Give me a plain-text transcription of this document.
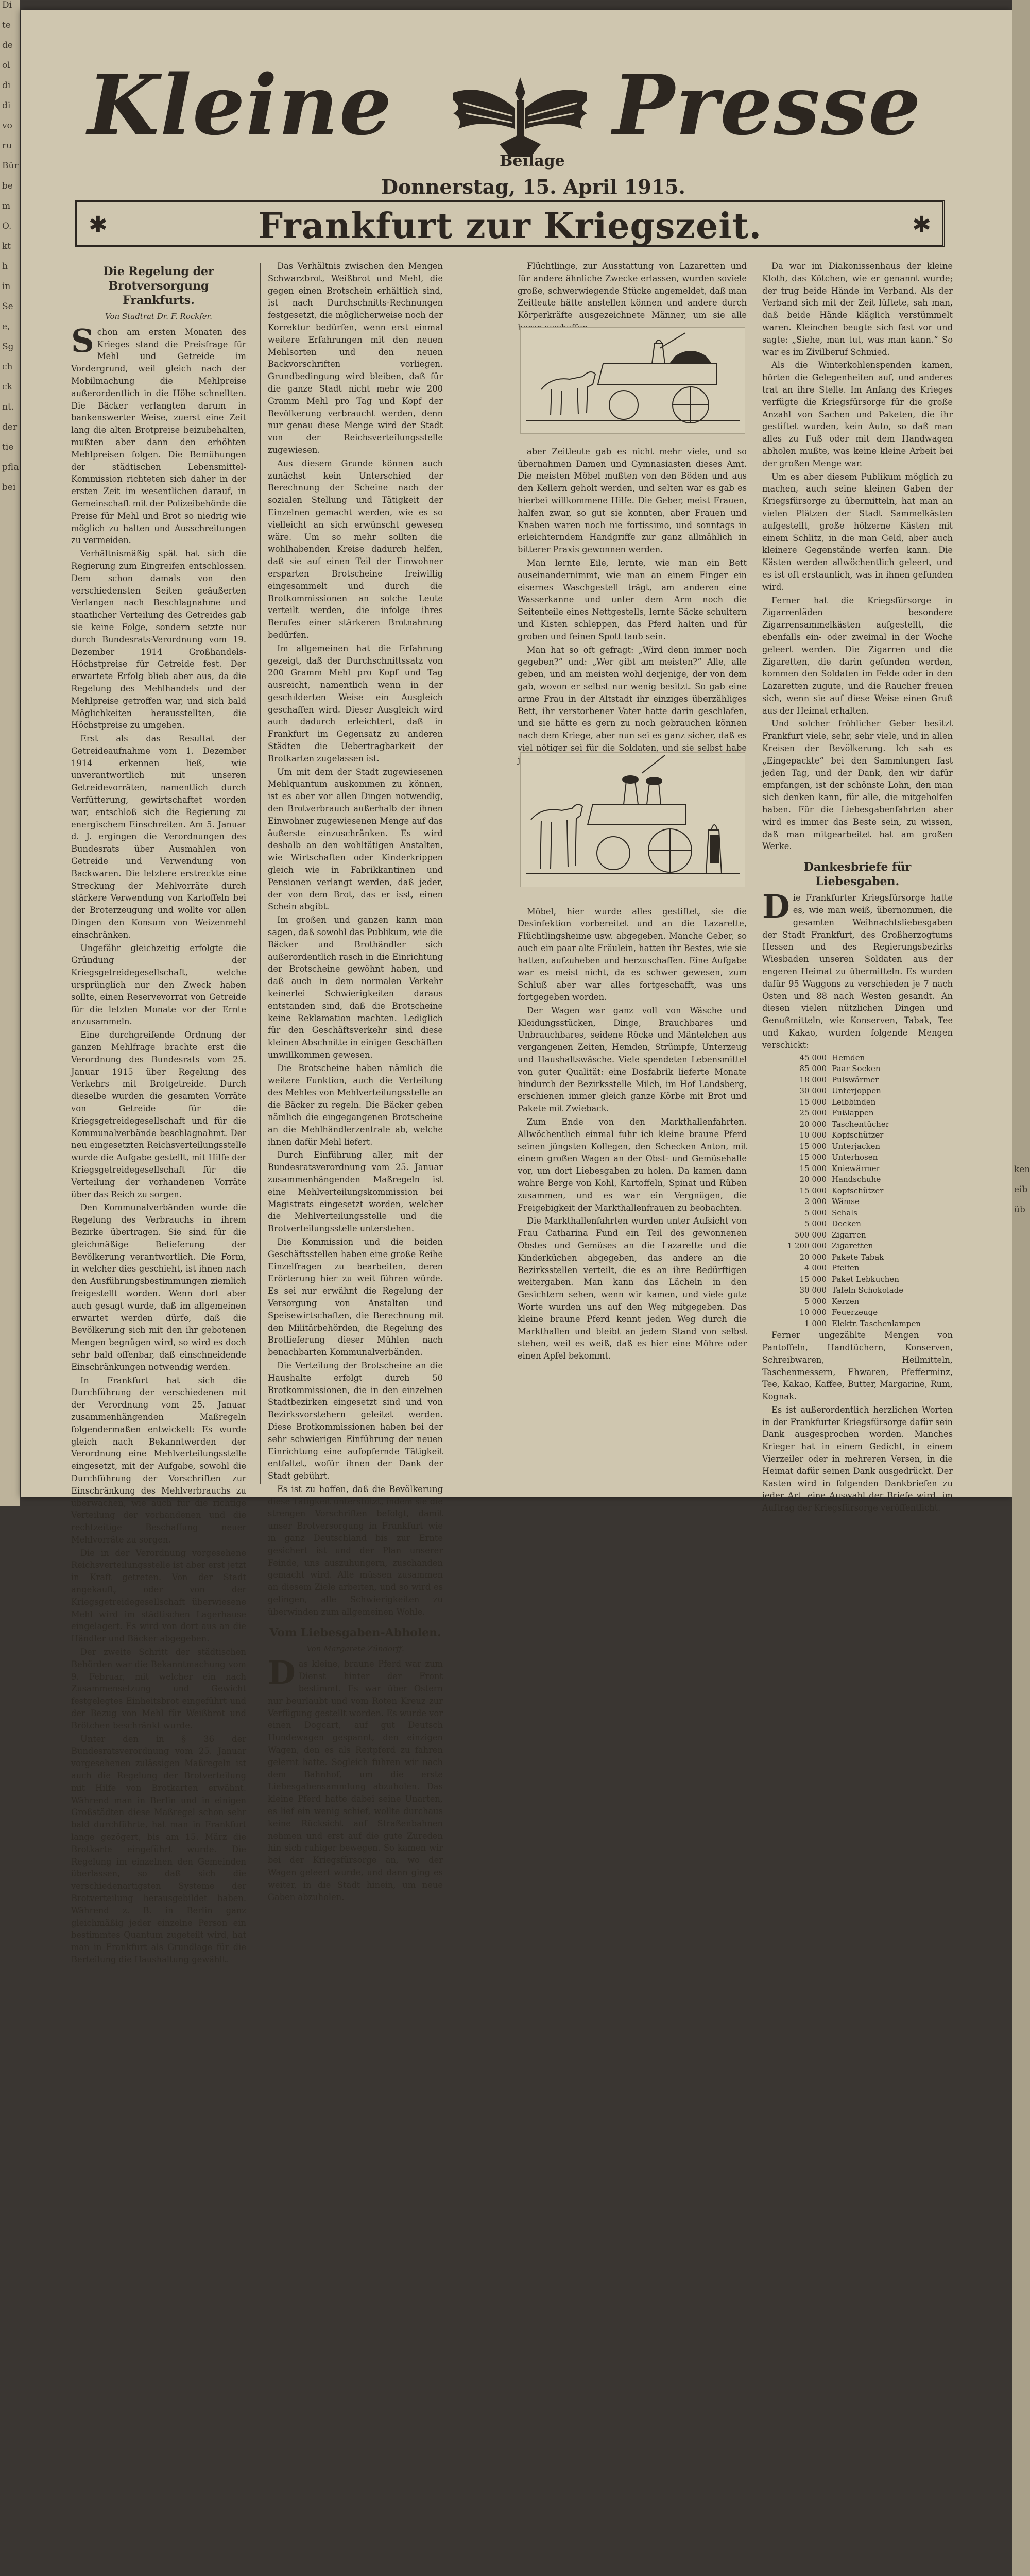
Di
te
de
ol
di
di
vo
ru
Bür
be
m
O.
kt
h
in
Se
e,
Sg
ch
ck
nt.
der
tie
pfla
bei
Kleine
Beilage
Presse
Donnerstag, 15. April 1915.
✱	Frankfurt zur Kriegszeit.	✱
Die Regelung der Brotversorgung Frankfurts.
Von Stadtrat Dr. F. Rockfer.

Schon am ersten Monaten des Krieges stand die Preisfrage für Mehl und Getreide im Vordergrund, weil gleich nach der Mobilmachung die Mehlpreise außerordentlich in die Höhe schnellten. Die Bäcker verlangten darum in bankenswerter Weise, zuerst eine Zeit lang die alten Brotpreise beizubehalten, mußten aber dann den erhöhten Mehlpreisen folgen. Die Bemühungen der städtischen Lebensmittel-Kommission richteten sich daher in der ersten Zeit im wesentlichen darauf, in Gemeinschaft mit der Polizeibehörde die Preise für Mehl und Brot so niedrig wie möglich zu halten und Ausschreitungen zu vermeiden.

Verhältnismäßig spät hat sich die Regierung zum Eingreifen entschlossen. Dem schon damals von den verschiedensten Seiten geäußerten Verlangen nach Beschlagnahme und staatlicher Verteilung des Getreides gab sie keine Folge, sondern setzte nur durch Bundesrats-Verordnung vom 19. Dezember 1914 Großhandels-Höchstpreise für Getreide fest. Der erwartete Erfolg blieb aber aus, da die Regelung des Mehlhandels und der Mehlpreise getroffen war, und sich bald Möglichkeiten herausstellten, die Höchstpreise zu umgehen.

Erst als das Resultat der Getreideaufnahme vom 1. Dezember 1914 erkennen ließ, wie unverantwortlich mit unseren Getreidevorräten, namentlich durch Verfütterung, gewirtschaftet worden war, entschloß sich die Regierung zu energischem Einschreiten. Am 5. Januar d. J. ergingen die Verordnungen des Bundesrats über Ausmahlen von Getreide und Verwendung von Backwaren. Die letztere erstreckte eine Streckung der Mehlvorräte durch stärkere Verwendung von Kartoffeln bei der Broterzeugung und wollte vor allen Dingen den Konsum von Weizenmehl einschränken.

Ungefähr gleichzeitig erfolgte die Gründung der Kriegsgetreidegesellschaft, welche ursprünglich nur den Zweck haben sollte, einen Reservevorrat von Getreide für die letzten Monate vor der Ernte anzusammeln.

Eine durchgreifende Ordnung der ganzen Mehlfrage brachte erst die Verordnung des Bundesrats vom 25. Januar 1915 über Regelung des Verkehrs mit Brotgetreide. Durch dieselbe wurden die gesamten Vorräte von Getreide für die Kriegsgetreidegesellschaft und für die Kommunalverbände beschlagnahmt. Der neu eingesetzten Reichsverteilungsstelle wurde die Aufgabe gestellt, mit Hilfe der Kriegsgetreidegesellschaft für die Verteilung der vorhandenen Vorräte über das Reich zu sorgen.

Den Kommunalverbänden wurde die Regelung des Verbrauchs in ihrem Bezirke übertragen. Sie sind für die gleichmäßige Belieferung der Bevölkerung verantwortlich. Die Form, in welcher dies geschieht, ist ihnen nach den Ausführungsbestimmungen ziemlich freigestellt worden. Wenn dort aber auch gesagt wurde, daß im allgemeinen erwartet werden dürfe, daß die Bevölkerung sich mit den ihr gebotenen Mengen begnügen wird, so wird es doch sehr bald offenbar, daß einschneidende Einschränkungen notwendig werden.

In Frankfurt hat sich die Durchführung der verschiedenen mit der Verordnung vom 25. Januar zusammenhängenden Maßregeln folgendermaßen entwickelt: Es wurde gleich nach Bekanntwerden der Verordnung eine Mehlverteilungsstelle eingesetzt, mit der Aufgabe, sowohl die Durchführung der Vorschriften zur Einschränkung des Mehlverbrauchs zu überwachen, wie auch für die richtige Verteilung der vorhandenen und die rechtzeitige Beschaffung neuer Mehlvorräte zu sorgen.

Die in der Verordnung vorgesehene Reichsverteilungsstelle ist aber erst jetzt in Kraft getreten. Von der Stadt angekauft, oder von der Kriegsgetreidegesellschaft überwiesene Mehl wird im städtischen Lagerhause eingelagert. Es wird von dort aus an die Händler und Bäcker abgegeben.

Der zweite Schritt der städtischen Behörden war die Bekanntmachung vom 9. Februar, mit welcher ein nach Zusammensetzung und Gewicht festgelegtes Einheitsbrot eingeführt und der Bezug von Mehl für Weißbrot und Brötchen beschränkt wurde.

Unter den in § 36 der Bundesratsverordnung vom 25. Januar vorgesehenen zulässigen Maßregeln ist auch die Regelung der Brotverteilung mit Hilfe von Brotkarten erwähnt. Während man in Berlin und in einigen Großstädten diese Maßregel schon sehr bald durchführte, hat man in Frankfurt lange gezögert, bis am 15. März die Brotkarte eingeführt wurde. Die Regelung im einzelnen den Gemeinden überlassen, so daß sich die verschiedenartigsten Systeme der Brotverteilung herausgebildet haben. Während z. B. in Berlin ganz gleichmäßig jeder einzelne Person ein bestimmtes Quantum zugeteilt wird, hat man in Frankfurt als Grundlage für die Berteilung die Haushaltung gewählt.

Das Verhältnis zwischen den Mengen Schwarzbrot, Weißbrot und Mehl, die gegen einen Brotschein erhältlich sind, ist nach Durchschnitts-Rechnungen festgesetzt, die möglicherweise noch der Korrektur bedürfen, wenn erst einmal weitere Erfahrungen mit den neuen Mehlsorten und den neuen Backvorschriften vorliegen. Grundbedingung wird bleiben, daß für die ganze Stadt nicht mehr wie 200 Gramm Mehl pro Tag und Kopf der Bevölkerung verbraucht werden, denn nur genau diese Menge wird der Stadt von der Reichsverteilungsstelle zugewiesen.

Aus diesem Grunde können auch zunächst kein Unterschied der Berechnung der Scheine nach der sozialen Stellung und Tätigkeit der Einzelnen gemacht werden, wie es so vielleicht an sich erwünscht gewesen wäre. Um so mehr sollten die wohlhabenden Kreise dadurch helfen, daß sie auf einen Teil der Einwohner ersparten Brotscheine freiwillig eingesammelt und durch die Brotkommissionen an solche Leute verteilt werden, die infolge ihres Berufes einer stärkeren Brotnahrung bedürfen.

Im allgemeinen hat die Erfahrung gezeigt, daß der Durchschnittssatz von 200 Gramm Mehl pro Kopf und Tag ausreicht, namentlich wenn in der geschilderten Weise ein Ausgleich geschaffen wird. Dieser Ausgleich wird auch dadurch erleichtert, daß in Frankfurt im Gegensatz zu anderen Städten die Uebertragbarkeit der Brotkarten zugelassen ist.

Um mit dem der Stadt zugewiesenen Mehlquantum auskommen zu können, ist es aber vor allen Dingen notwendig, den Brotverbrauch außerhalb der ihnen Einwohner zugewiesenen Menge auf das äußerste einzuschränken. Es wird deshalb an den wohltätigen Anstalten, wie Wirtschaften oder Kinderkrippen gleich wie in Fabrikkantinen und Pensionen verlangt werden, daß jeder, der von dem Brot, das er isst, einen Schein abgibt.

Im großen und ganzen kann man sagen, daß sowohl das Publikum, wie die Bäcker und Brothändler sich außerordentlich rasch in die Einrichtung der Brotscheine gewöhnt haben, und daß auch in dem normalen Verkehr keinerlei Schwierigkeiten daraus entstanden sind, daß die Brotscheine keine Reklamation machten. Lediglich für den Geschäftsverkehr sind diese kleinen Abschnitte in einigen Geschäften unwillkommen gewesen.

Die Brotscheine haben nämlich die weitere Funktion, auch die Verteilung des Mehles von Mehlverteilungsstelle an die Bäcker zu regeln. Die Bäcker geben nämlich die eingegangenen Brotscheine an die Mehlhändlerzentrale ab, welche ihnen dafür Mehl liefert.

Durch Einführung aller, mit der Bundesratsverordnung vom 25. Januar zusammenhängenden Maßregeln ist eine Mehlverteilungskommission bei Magistrats eingesetzt worden, welcher die Mehlverteilungsstelle und die Brotverteilungsstelle unterstehen.

Die Kommission und die beiden Geschäftsstellen haben eine große Reihe Einzelfragen zu bearbeiten, deren Erörterung hier zu weit führen würde. Es sei nur erwähnt die Regelung der Versorgung von Anstalten und Speisewirtschaften, die Berechnung mit den Militärbehörden, die Regelung des Brotlieferung dieser Mühlen nach benachbarten Kommunalverbänden.

Die Verteilung der Brotscheine an die Haushalte erfolgt durch 50 Brotkommissionen, die in den einzelnen Stadtbezirken eingesetzt sind und von Bezirksvorstehern geleitet werden. Diese Brotkommissionen haben bei der sehr schwierigen Einführung der neuen Einrichtung eine aufopfernde Tätigkeit entfaltet, wofür ihnen der Dank der Stadt gebührt.

Es ist zu hoffen, daß die Bevölkerung diese Tätigkeit unterstützt, indem sie die strengen Vorschriften befolgt, damit unser Brotversorgung in Frankfurt wie in ganz Deutschland bis zur Ernte gesichert ist und der Plan unserer Feinde, uns auszuhungern, zuschanden gemacht wird. Alle müssen zusammen an diesem Ziele arbeiten, und so wird es gelingen, alle Schwierigkeiten zu überwinden zum allgemeinen Wohle.

Vom Liebesgaben-Abholen.
Von Margarete Zündorff.

Das kleine, braune Pferd war zum Dienst hinter der Front bestimmt. Es war über Ostern nur beurlaubt und vom Roten Kreuz zur Verfügung gestellt worden. Es wurde vor einen Dogcart, auf gut Deutsch Hundewagen gespannt, den einzigen Wagen, den es als Reitpferd zu fahren gelernt hatte. Sogleich fuhren wir nach dem Bahnhof, um die erste Liebesgabensammlung abzuholen. Das kleine Pferd hatte dabei seine Unarten, es lief ein wenig schief, wollte durchaus keine Rücksicht auf Straßenbahnen nehmen und erst auf die gute Zureden hin sich ruhiger bewegen. So kamen wir bei der Kriegsfürsorge an, wo der Wagen geleert wurde, und dann ging es weiter, in die Stadt hinein, um neue Gaben abzuholen.

Flüchtlinge, zur Ausstattung von Lazaretten und für andere ähnliche Zwecke erlassen, wurden soviele große, schwerwiegende Stücke angemeldet, daß man Zeitleute hätte anstellen können und andere durch Körperkräfte ausgezeichnete Männer, um sie alle heranzuschaffen.

aber Zeitleute gab es nicht mehr viele, und so übernahmen Damen und Gymnasiasten dieses Amt. Die meisten Möbel mußten von den Böden und aus den Kellern geholt werden, und selten war es gab es hierbei willkommene Hilfe. Die Geber, meist Frauen, halfen zwar, so gut sie konnten, aber Frauen und Knaben waren noch nie fortissimo, und sonntags in erleichterndem Handgriffe zur ganz allmählich in bitterer Praxis gewonnen werden.

Man lernte Eile, lernte, wie man ein Bett auseinandernimmt, wie man an einem Finger ein eisernes Waschgestell trägt, am anderen eine Wasserkanne und unter dem Arm noch die Seitenteile eines Nettgestells, lernte Säcke schultern und Kisten schleppen, das Pferd halten und für groben und feinen Spott taub sein.

Man hat so oft gefragt: „Wird denn immer noch gegeben?“ und: „Wer gibt am meisten?“ Alle, alle geben, und am meisten wohl derjenige, der von dem gab, wovon er selbst nur wenig besitzt. So gab eine arme Frau in der Altstadt ihr einziges überzähliges Bett, ihr verstorbener Vater hatte darin geschlafen, und sie hätte es gern zu noch gebrauchen können nach dem Kriege, aber nun sei es ganz sicher, daß es viel nötiger sei für die Soldaten, und sie selbst habe ja noch ihr eigenes Bett.

Möbel, hier wurde alles gestiftet, sie die Desinfektion vorbereitet und an die Lazarette, Flüchtlingsheime usw. abgegeben. Manche Geber, so auch ein paar alte Fräulein, hatten ihr Bestes, wie sie hatten, aufzuheben und herzuschaffen. Eine Aufgabe war es meist nicht, da es schwer gewesen, zum Schluß aber war alles fortgeschafft, was uns fortgegeben worden.

Der Wagen war ganz voll von Wäsche und Kleidungsstücken, Dinge, Brauchbares und Unbrauchbares, seidene Röcke und Mäntelchen aus vergangenen Zeiten, Hemden, Strümpfe, Unterzeug und Haushaltswäsche. Viele spendeten Lebensmittel von guter Qualität: eine Dosfabrik lieferte Monate hindurch der Bezirksstelle Milch, im Hof Landsberg, erschienen immer gleich ganze Körbe mit Brot und Pakete mit Zwieback.

Zum Ende von den Markthallenfahrten. Allwöchentlich einmal fuhr ich kleine braune Pferd seinen jüngsten Kollegen, den Schecken Anton, mit einem großen Wagen an der Obst- und Gemüsehalle vor, um dort Liebesgaben zu holen. Da kamen dann wahre Berge von Kohl, Kartoffeln, Spinat und Rüben zusammen, und es war ein Vergnügen, die Freigebigkeit der Markthallenfrauen zu beobachten.

Die Markthallenfahrten wurden unter Aufsicht von Frau Catharina Fund ein Teil des gewonnenen Obstes und Gemüses an die Lazarette und die Kinderküchen abgegeben, das andere an die Bezirksstellen verteilt, die es an ihre Bedürftigen weitergaben. Man kann das Lächeln in den Gesichtern sehen, wenn wir kamen, und viele gute Worte wurden uns auf den Weg mitgegeben. Das kleine braune Pferd kennt jeden Weg durch die Markthallen und bleibt an jedem Stand von selbst stehen, weil es weiß, daß es hier eine Möhre oder einen Apfel bekommt.

Da war im Diakonissenhaus der kleine Kloth, das Kötchen, wie er genannt wurde; der trug beide Hände im Verband. Als der Verband sich mit der Zeit lüftete, sah man, daß beide Hände kläglich verstümmelt waren. Kleinchen beugte sich fast vor und sagte: „Siehe, man tut, was man kann.“ So war es im Zivilberuf Schmied.

Als die Winterkohlenspenden kamen, hörten die Gelegenheiten auf, und anderes trat an ihre Stelle. Im Anfang des Krieges verfügte die Kriegsfürsorge für die große Anzahl von Sachen und Paketen, die ihr gestiftet wurden, kein Auto, so daß man alles zu Fuß oder mit dem Handwagen abholen mußte, was keine kleine Arbeit bei der großen Menge war.

Um es aber diesem Publikum möglich zu machen, auch seine kleinen Gaben der Kriegsfürsorge zu übermitteln, hat man an vielen Plätzen der Stadt Sammelkästen aufgestellt, große hölzerne Kästen mit einem Schlitz, in die man Geld, aber auch kleinere Gegenstände werfen kann. Die Kästen werden allwöchentlich geleert, und es ist oft erstaunlich, was in ihnen gefunden wird.

Ferner hat die Kriegsfürsorge in Zigarrenläden besondere Zigarrensammelkästen aufgestellt, die ebenfalls ein- oder zweimal in der Woche geleert werden. Die Zigarren und die Zigaretten, die darin gefunden werden, kommen den Soldaten im Felde oder in den Lazaretten zugute, und die Raucher freuen sich, wenn sie auf diese Weise einen Gruß aus der Heimat erhalten.

Und solcher fröhlicher Geber besitzt Frankfurt viele, sehr, sehr viele, und in allen Kreisen der Bevölkerung. Ich sah es „Eingepackte“ bei den Sammlungen fast jeden Tag, und der Dank, den wir dafür empfangen, ist der schönste Lohn, den man sich denken kann, für alle, die mitgeholfen haben. Für die Liebesgabenfahrten aber wird es immer das Beste sein, zu wissen, daß man mitgearbeitet hat am großen Werke.

Dankesbriefe für Liebesgaben.

Die Frankfurter Kriegsfürsorge hatte es, wie man weiß, übernommen, die gesamten Weihnachtsliebesgaben der Stadt Frankfurt, des Großherzogtums Hessen und des Regierungsbezirks Wiesbaden unseren Soldaten aus der engeren Heimat zu übermitteln. Es wurden dafür 95 Waggons zu verschieden je 7 nach Osten und 88 nach Westen gesandt. An diesen vielen nützlichen Dingen und Genußmitteln, wie Konserven, Tabak, Tee und Kakao, wurden folgende Mengen verschickt:

45 000 Hemden
85 000 Paar Socken
18 000 Pulswärmer
30 000 Unterjoppen
15 000 Leibbinden
25 000 Fußlappen
20 000 Taschentücher
10 000 Kopfschützer
15 000 Unterjacken
15 000 Unterhosen
15 000 Kniewärmer
20 000 Handschuhe
15 000 Kopfschützer
2 000 Wämse
5 000 Schals
5 000 Decken
500 000 Zigarren
1 200 000 Zigaretten
20 000 Pakete Tabak
4 000 Pfeifen
15 000 Paket Lebkuchen
30 000 Tafeln Schokolade
5 000 Kerzen
10 000 Feuerzeuge
1 000 Elektr. Taschenlampen

Ferner ungezählte Mengen von Pantoffeln, Handtüchern, Konserven, Schreibwaren, Heilmitteln, Taschenmessern, Ehwaren, Pfefferminz, Tee, Kakao, Kaffee, Butter, Margarine, Rum, Kognak.

Es ist außerordentlich herzlichen Worten in der Frankfurter Kriegsfürsorge dafür sein Dank ausgesprochen worden. Manches Krieger hat in einem Gedicht, in einem Vierzeiler oder in mehreren Versen, in die Heimat dafür seinen Dank ausgedrückt. Der Kasten wird in folgenden Dankbriefen zu jeder Art, eine Auswahl der Briefe wird, im Auftrag der Kriegsfürsorge veröffentlicht.

ken
eib
üb
